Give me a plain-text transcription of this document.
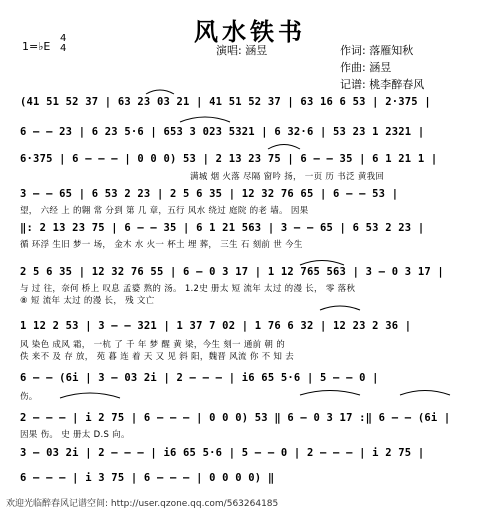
风水铁书
1=♭E
4
4	演唱: 涵昱	作词: 落雁知秋
作曲: 涵昱
记谱: 桃李醉春风
(41 51 52 37 | 63 23 03 21 | 41 51 52 37 | 63 16 6 53 | 2·375 |
6 — — 23 | 6 23 5·6 | 653 3 023 5321 | 6 32·6 | 53 23 1 2321 |
6·375 | 6 — — — | 0 0 0) 53 | 2 13 23 75 | 6 — — 35 | 6 1 21 1 |
满城 烟 火落 尽隔 窗吟 扬， 一页 历 书泛 黄我回
3 — — 65 | 6 53 2 23 | 2 5 6 35 | 12 32 76 65 | 6 — — 53 |
望， 六经 上 的翱 常 分到 第 几 章，五行 风水 绕过 庭院 的老 墙。 因果
‖: 2 13 23 75 | 6 — — 35 | 6 1 21 563 | 3 — — 65 | 6 53 2 23 |
循 环浮 生旧 梦一 场， 金木 水 火一 杯土 埋 葬， 三生 石 刻前 世 今生
2 5 6 35 | 12 32 76 55 | 6 — 0 3 17 | 1 12 765 563 | 3 — 0 3 17 |
与 过 往，奈何 桥上 叹息 孟婆 熬的 汤。 1.2史 册太 短 流年 太过 的漫 长， 零 落秋
⑧ 短 流年 太过 的漫 长， 残 文亡
1 12 2 53 | 3 — — 321 | 1 37 7 02 | 1 76 6 32 | 12 23 2 36 |
风 染色 成风 霜， 一杭 了 千 年 梦 醒 黄 梁，今生 刻一 通前 朝 的
佚 来不 及 存 放， 苑 暮 连 着 天 又 见 斜 阳，魏晋 风流 你 不 知 去
6 — — (6i | 3 — 03 2i | 2 — — — | i6 65 5·6 | 5 — — 0 |
伤。
2 — — — | i 2 75 | 6 — — — | 0 0 0) 53 ‖ 6 — 0 3 17 :‖ 6 — — (6i |
因果 伤。 史 册太 D.S 向。
3 — 03 2i | 2 — — — | i6 65 5·6 | 5 — — 0 | 2 — — — | i 2 75 |
6 — — — | i 3 75 | 6 — — — | 0 0 0 0) ‖
欢迎光临醉春风记谱空间: http://user.qzone.qq.com/563264185
